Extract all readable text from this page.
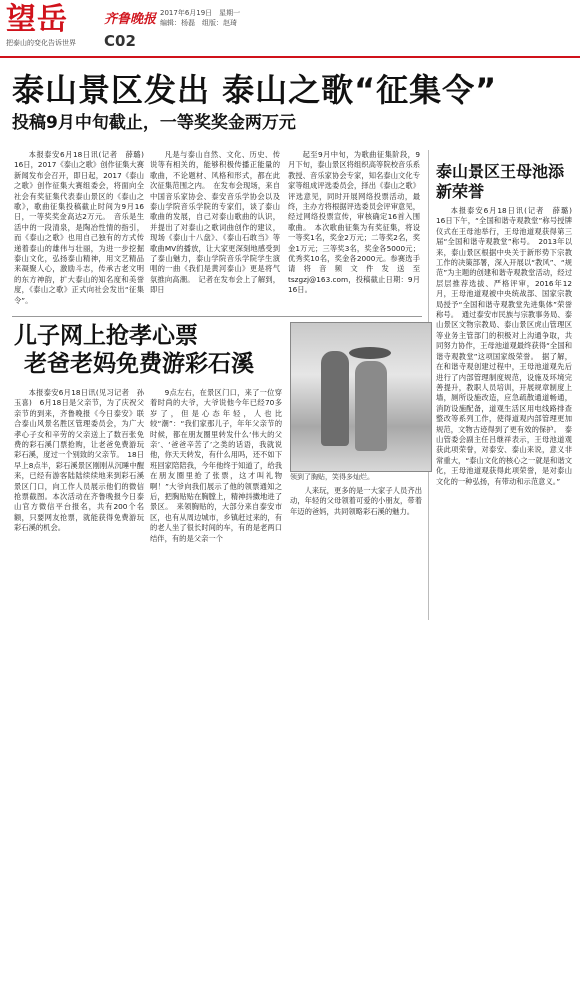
望岳
把泰山的变化告诉世界
齐鲁晚报 2017年6月19日　星期一
编辑：杨磊　组版：赵琦
C02
泰山景区发出 泰山之歌“征集令”
投稿9月中旬截止，一等奖奖金两万元
本报泰安6月18日讯(记者　薛璐)　16日，2017《泰山之歌》创作征集大赛新闻发布会召开，即日起，2017《泰山之歌》创作征集大赛组委会，将面向全社会有奖征集代表泰山景区的《泰山之歌》，歌曲征集投稿截止时间为9月16日，一等奖奖金高达2万元。　音乐是生活中的一段清泉，是陶冶性情的指引，而《泰山之歌》也用自己独有的方式传递着泰山的雄伟与壮丽，为进一步挖掘泰山文化，弘扬泰山精神，用文艺精品来凝聚人心，激励斗志，传承古老文明的东方神韵，扩大泰山的知名度和美誉度，《泰山之歌》正式向社会发出“征集令”。
凡是与泰山自然、文化、历史、传说等有相关的，能够积极传播正能量的歌曲，不论题材、风格和形式，都在此次征集范围之内。　在发布会现场，来自中国音乐家协会、泰安音乐学协会以及泰山学院音乐学院的专家们，谈了泰山歌曲的发展，自己对泰山歌曲的认识，并提出了对泰山之歌词曲创作的建议，现场《泰山十八盘》、《泰山石敢当》等歌曲MV的播放，让大家更深刻地感受到了泰山魅力，泰山学院音乐学院学生演唱的一曲《我们是黄河泰山》更是将气氛推向高潮。　记者在发布会上了解到，即日
起至9月中旬，为歌曲征集阶段，9月下旬，泰山景区将组织高等院校音乐系教授、音乐家协会专家，知名泰山文化专家等组成评选委员会，择出《泰山之歌》评选意见，同时开展网络投票活动，最终，主办方将根据评选委员会评审意见，经过网络投票宣传，审核确定16首入围歌曲。　本次歌曲征集为有奖征集，将设一等奖1名，奖金2万元；二等奖2名，奖金1万元；三等奖3名，奖金各5000元；优秀奖10名，奖金各2000元。参赛选手请将音频文件发送至tszgzj@163.com，投稿截止日期：9月16日。
泰山景区王母池添新荣誉
本报泰安6月18日讯(记者　薛璐)　16日下午，“全国和谐寺观教堂”称号授牌仪式在王母池举行，王母池道观获得第三届“全国和谐寺观教堂”称号。　2013年以来，泰山景区根据中央关于新形势下宗教工作的决策部署，深入开展以“教风”、“规范”为主题的创建和谐寺观教堂活动，经过层层推荐选拔、严格评审，2016年12月，王母池道观被中央统战部、国家宗教局授予“全国和谐寺观教堂先进集体”荣誉称号。　通过泰安市民族与宗教事务局、泰山景区文物宗教局、泰山景区虎山管理区等业务主管部门的积极对上沟通争取，共同努力协作，王母池道观最终获得“全国和谐寺观教堂”这项国家级荣誉。　据了解，在和谐寺观创建过程中，王母池道观先后进行了内部管理制度规范，设施及环境完善提升，教职人员培训，开展规章制度上墙，厕所设施改造，应急疏散通道畅通，消防设施配备，道观生活区用电线路排查整改等系列工作，使得道观内部管理更加规范，文物古迹得到了更有效的保护。　泰山管委会副主任吕继祥表示，王母池道观获此项荣誉，对泰安、泰山来说，意义非常重大，“泰山文化的核心之一就是和谐文化，王母池道观获得此项荣誉，是对泰山文化的一种弘扬，有带动和示范意义。”
儿子网上抢孝心票
老爸老妈免费游彩石溪
本报泰安6月18日讯(见习记者　孙玉喜)　6月18日是父亲节，为了庆祝父亲节的到来，齐鲁晚报《今日泰安》联合泰山风景名胜区管理委员会，为广大孝心子女和辛劳的父亲送上了数百张免费的彩石溪门票抢购，让老爸免费游玩彩石溪，度过一个别致的父亲节。　18日早上8点半，彩石溪景区刚刚从沉睡中醒来，已经有游客陆陆续续地来到彩石溪景区门口，向工作人员展示他们的微信抢票截图。本次活动在齐鲁晚报今日泰山官方微信平台报名，共有200个名额，只要网友抢票，就能获得免费游玩彩石溪的机会。
9点左右，在景区门口，来了一位穿着时尚的大爷，大爷说他今年已经70多岁了，但是心态年轻，人也比较“潮”：“我们家那儿子，年年父亲节的时候，都在朋友圈里转发什么‘伟大的父亲’、‘爸爸辛苦了’之类的话语，我就说他，你天天转发，有什么用吗，还不如下班回家陪陪我，今年他终于知道了，给我在朋友圈里抢了张票，这才叫礼物啊！”大爷向我们展示了他的领票通知之后，把胸贴贴在胸膛上，精神抖擞地进了景区。　来领胸贴的，大部分来自泰安市区，也有从周边城市，乡镇赶过来的，有的老人坐了很长时间的车，有的是老两口结伴，有的是父亲一个
领到了胸贴，笑得多灿烂。
人来玩，更多的是一大家子人员齐出动，年轻的父母领着可爱的小朋友，带着年迈的爸妈，共同领略彩石溪的魅力。
